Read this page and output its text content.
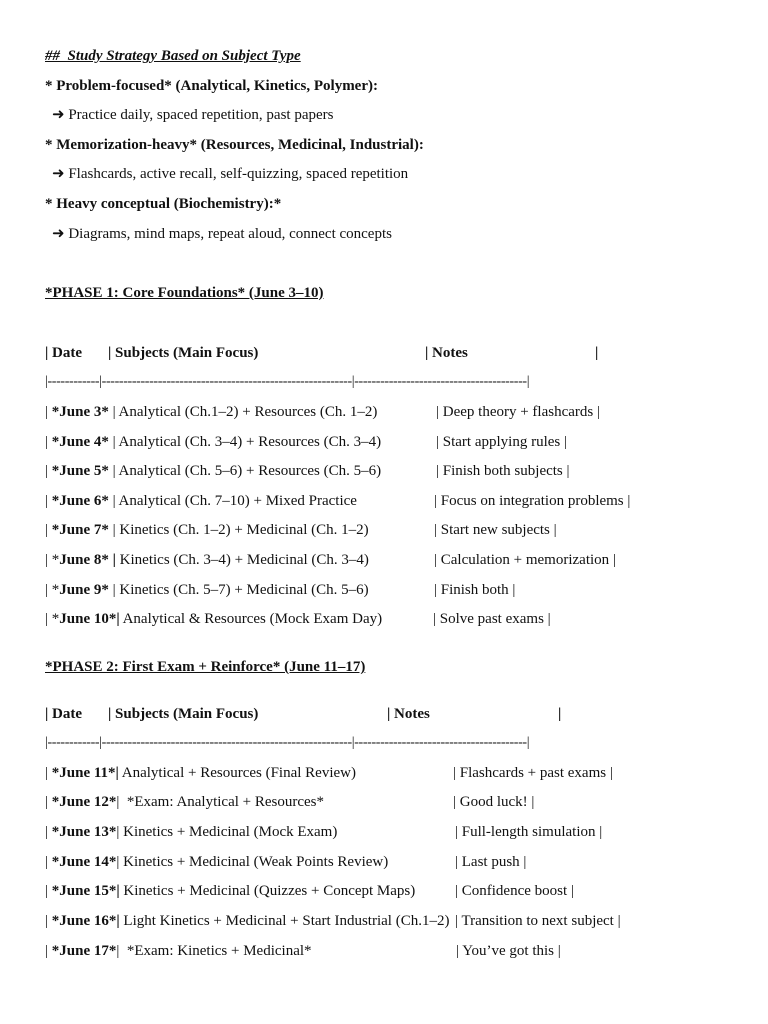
##  Study Strategy Based on Subject Type
* Problem-focused* (Analytical, Kinetics, Polymer):
➜ Practice daily, spaced repetition, past papers
* Memorization-heavy* (Resources, Medicinal, Industrial):
➜ Flashcards, active recall, self-quizzing, spaced repetition
* Heavy conceptual (Biochemistry):*
➜ Diagrams, mind maps, repeat aloud, connect concepts
*PHASE 1: Core Foundations* (June 3–10)
| Date | Subjects (Main Focus)	| Notes	|
|------------|----------------------------------------------------------|----------------------------------------|
| *June 3* | Analytical (Ch.1–2) + Resources (Ch. 1–2)	| Deep theory + flashcards |
| *June 4* | Analytical (Ch. 3–4) + Resources (Ch. 3–4)	| Start applying rules |
| *June 5* | Analytical (Ch. 5–6) + Resources (Ch. 5–6)	| Finish both subjects |
| *June 6* | Analytical (Ch. 7–10) + Mixed Practice	| Focus on integration problems |
| *June 7* | Kinetics (Ch. 1–2) + Medicinal (Ch. 1–2)	| Start new subjects |
| *June 8* | Kinetics (Ch. 3–4) + Medicinal (Ch. 3–4)	| Calculation + memorization |
| *June 9* | Kinetics (Ch. 5–7) + Medicinal (Ch. 5–6)	| Finish both |
| *June 10*| Analytical & Resources (Mock Exam Day)	| Solve past exams |
*PHASE 2: First Exam + Reinforce* (June 11–17)
| Date | Subjects (Main Focus)	| Notes	|
|------------|----------------------------------------------------------|----------------------------------------|
| *June 11*| Analytical + Resources (Final Review)	| Flashcards + past exams |
| *June 12*|  *Exam: Analytical + Resources*	| Good luck! |
| *June 13*| Kinetics + Medicinal (Mock Exam)	| Full-length simulation |
| *June 14*| Kinetics + Medicinal (Weak Points Review)	| Last push |
| *June 15*| Kinetics + Medicinal (Quizzes + Concept Maps)	| Confidence boost |
| *June 16*| Light Kinetics + Medicinal + Start Industrial (Ch.1–2) | Transition to next subject |
| *June 17*|  *Exam: Kinetics + Medicinal*	| You’ve got this |
